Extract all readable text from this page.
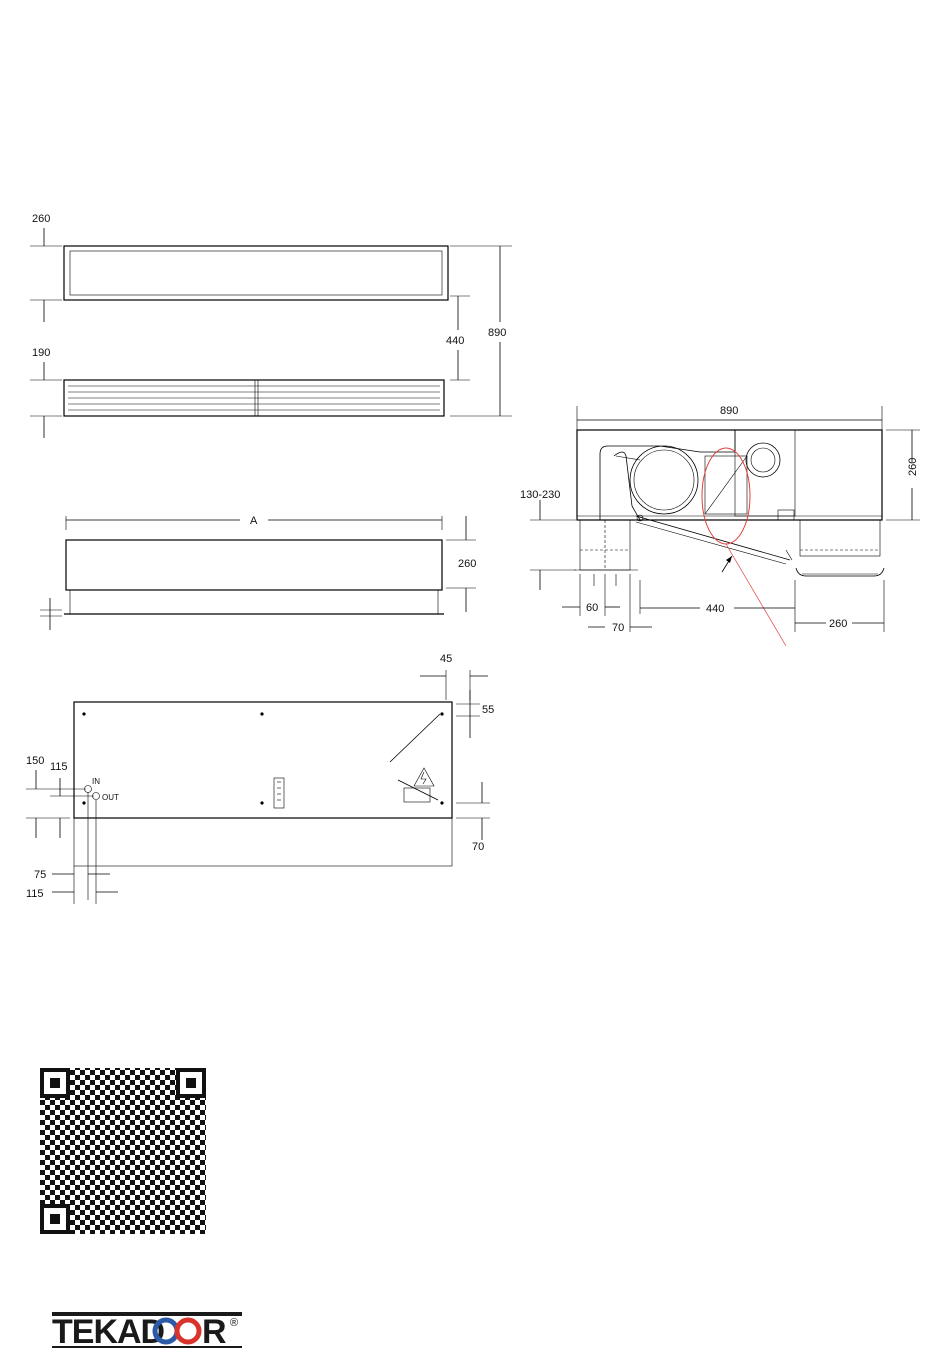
260
190
440
890
A
260
IN
OUT
45
55
70
150 115
75
115
890
260
130-230
60
70
440
260
TEKAD R ®
